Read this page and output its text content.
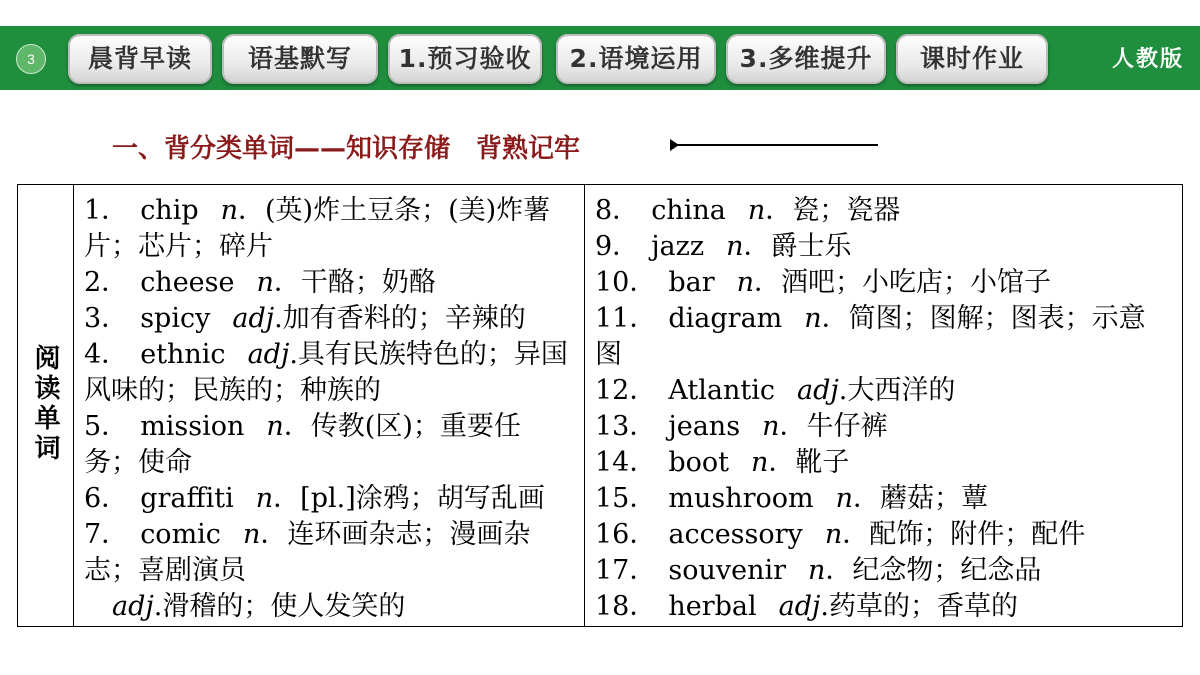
3	晨背早读	语基默写	1.预习验收	2.语境运用	3.多维提升	课时作业	人教版
一、背分类单词——知识存储　背熟记牢
阅读单词	
1． chip n．(英)炸土豆条；(美)炸薯片；芯片；碎片
2． cheese n．干酪；奶酪
3． spicy adj.加有香料的；辛辣的
4． ethnic adj.具有民族特色的；异国风味的；民族的；种族的
5． mission n．传教(区)；重要任务；使命
6． graffiti n．[pl.]涂鸦；胡写乱画
7． comic n．连环画杂志；漫画杂志；喜剧演员
adj.滑稽的；使人发笑的

8． china n．瓷；瓷器
9． jazz n．爵士乐
10． bar n．酒吧；小吃店；小馆子
11． diagram n．简图；图解；图表；示意图
12． Atlantic adj.大西洋的
13． jeans n．牛仔裤
14． boot n．靴子
15． mushroom n．蘑菇；蕈
16． accessory n．配饰；附件；配件
17． souvenir n．纪念物；纪念品
18． herbal adj.药草的；香草的
